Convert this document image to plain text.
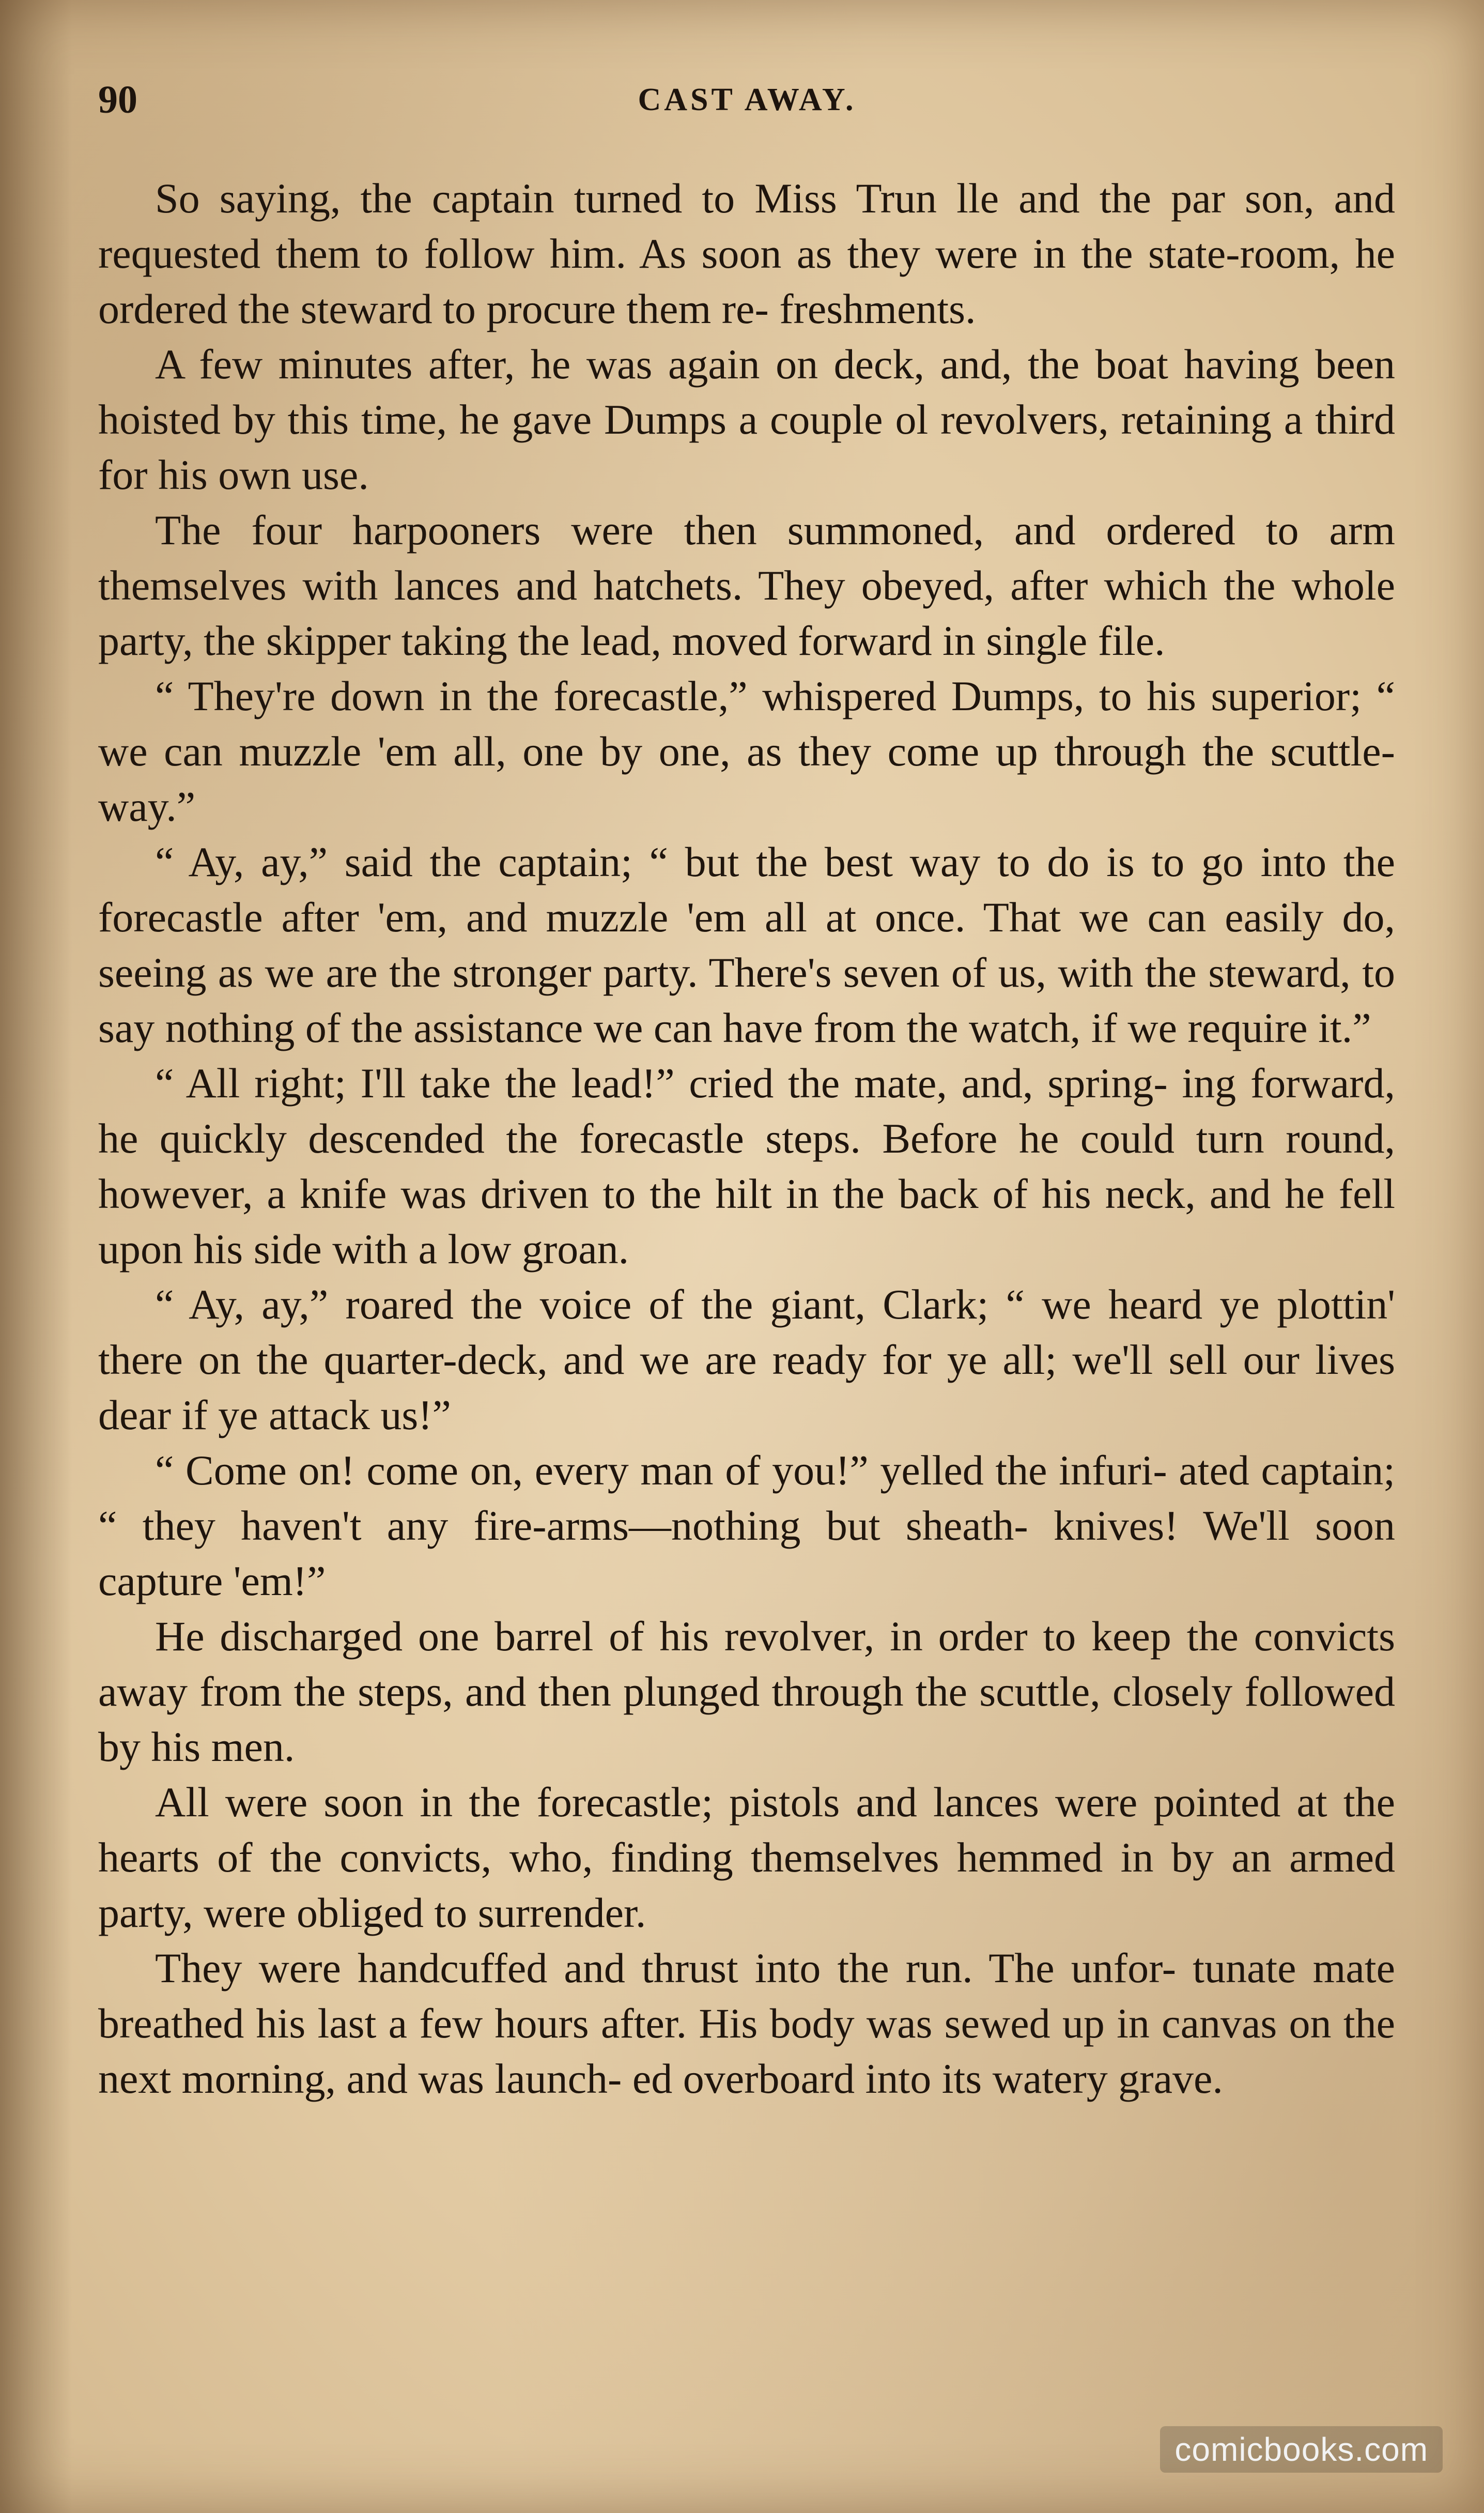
90	CAST AWAY.

So saying, the captain turned to Miss Trun lle and the par son, and requested them to follow him. As soon as they were in the state-room, he ordered the steward to procure them re- freshments.

A few minutes after, he was again on deck, and, the boat having been hoisted by this time, he gave Dumps a couple ol revolvers, retaining a third for his own use.

The four harpooners were then summoned, and ordered to arm themselves with lances and hatchets. They obeyed, after which the whole party, the skipper taking the lead, moved forward in single file.

“ They're down in the forecastle,” whispered Dumps, to his superior; “ we can muzzle 'em all, one by one, as they come up through the scuttle-way.”

“ Ay, ay,” said the captain; “ but the best way to do is to go into the forecastle after 'em, and muzzle 'em all at once. That we can easily do, seeing as we are the stronger party. There's seven of us, with the steward, to say nothing of the assistance we can have from the watch, if we require it.”

“ All right; I'll take the lead!” cried the mate, and, spring- ing forward, he quickly descended the forecastle steps. Before he could turn round, however, a knife was driven to the hilt in the back of his neck, and he fell upon his side with a low groan.

“ Ay, ay,” roared the voice of the giant, Clark; “ we heard ye plottin' there on the quarter-deck, and we are ready for ye all; we'll sell our lives dear if ye attack us!”

“ Come on! come on, every man of you!” yelled the infuri- ated captain; “ they haven't any fire-arms—nothing but sheath- knives! We'll soon capture 'em!”

He discharged one barrel of his revolver, in order to keep the convicts away from the steps, and then plunged through the scuttle, closely followed by his men.

All were soon in the forecastle; pistols and lances were pointed at the hearts of the convicts, who, finding themselves hemmed in by an armed party, were obliged to surrender.

They were handcuffed and thrust into the run. The unfor- tunate mate breathed his last a few hours after. His body was sewed up in canvas on the next morning, and was launch- ed overboard into its watery grave.

comicbooks.com
